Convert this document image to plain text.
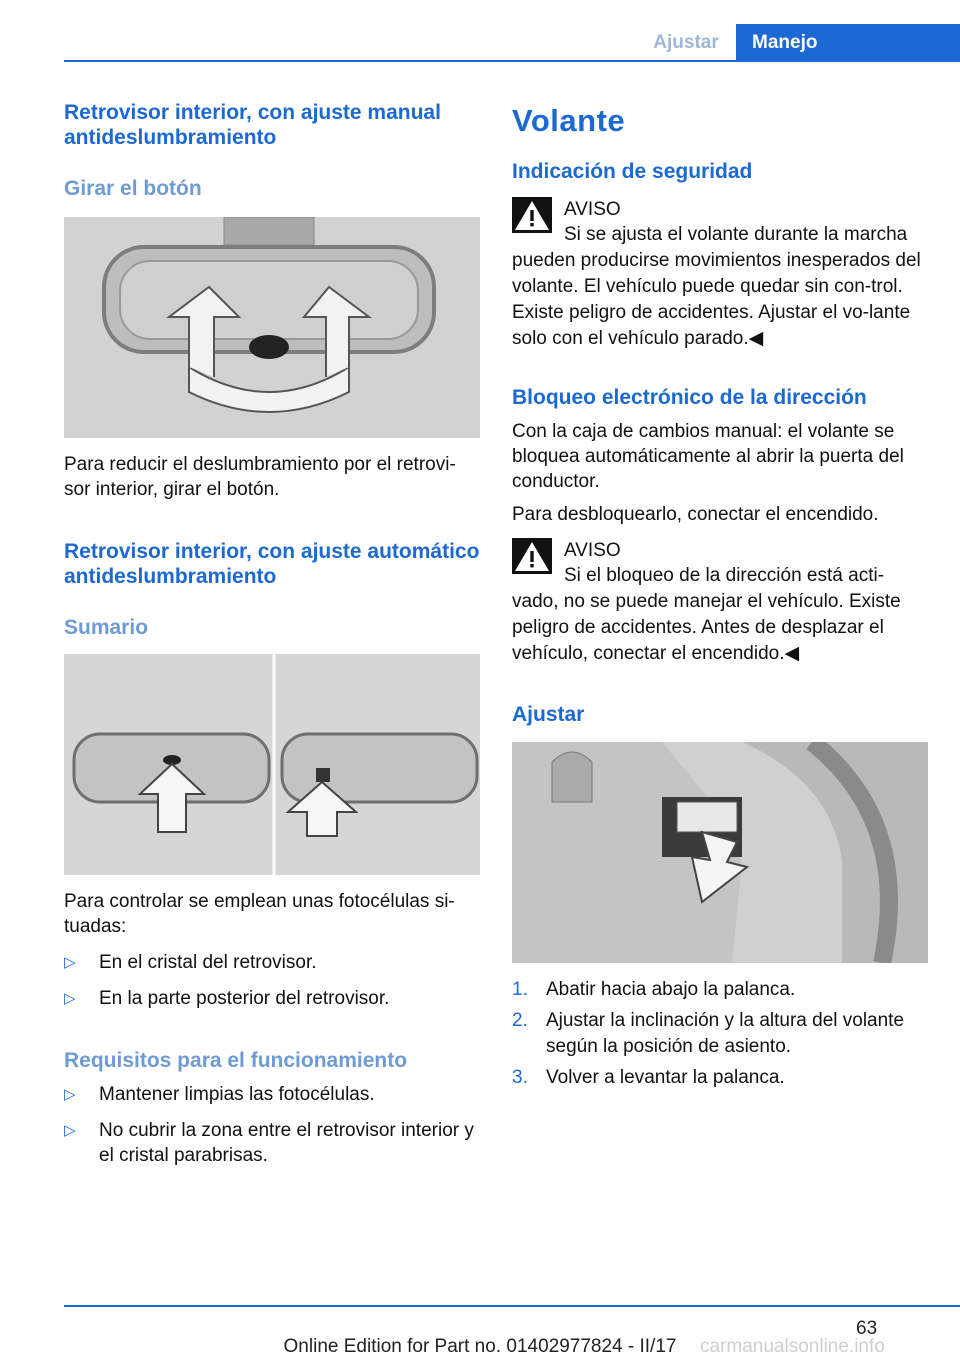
Ajustar	Manejo
Retrovisor interior, con ajuste manual antideslumbramiento
Girar el botón

Para reducir el deslumbramiento por el retrovi‐sor interior, girar el botón.

Retrovisor interior, con ajuste automático antideslumbramiento
Sumario

Para controlar se emplean unas fotocélulas si‐tuadas:

▷ En el cristal del retrovisor.
▷ En la parte posterior del retrovisor.
Requisitos para el funcionamiento
▷ Mantener limpias las fotocélulas.
▷ No cubrir la zona entre el retrovisor interior y el cristal parabrisas.
Volante
Indicación de seguridad
AVISO
Si se ajusta el volante durante la marcha pueden producirse movimientos inesperados del volante. El vehículo puede quedar sin con‐trol. Existe peligro de accidentes. Ajustar el vo‐lante solo con el vehículo parado.◀
Bloqueo electrónico de la dirección

Con la caja de cambios manual: el volante se bloquea automáticamente al abrir la puerta del conductor.

Para desbloquearlo, conectar el encendido.

AVISO
Si el bloqueo de la dirección está acti‐vado, no se puede manejar el vehículo. Existe peligro de accidentes. Antes de desplazar el vehículo, conectar el encendido.◀
Ajustar
1. Abatir hacia abajo la palanca.
2. Ajustar la inclinación y la altura del volante según la posición de asiento.
3. Volver a levantar la palanca.
63
carmanualsonline.info
Online Edition for Part no. 01402977824 - II/17
